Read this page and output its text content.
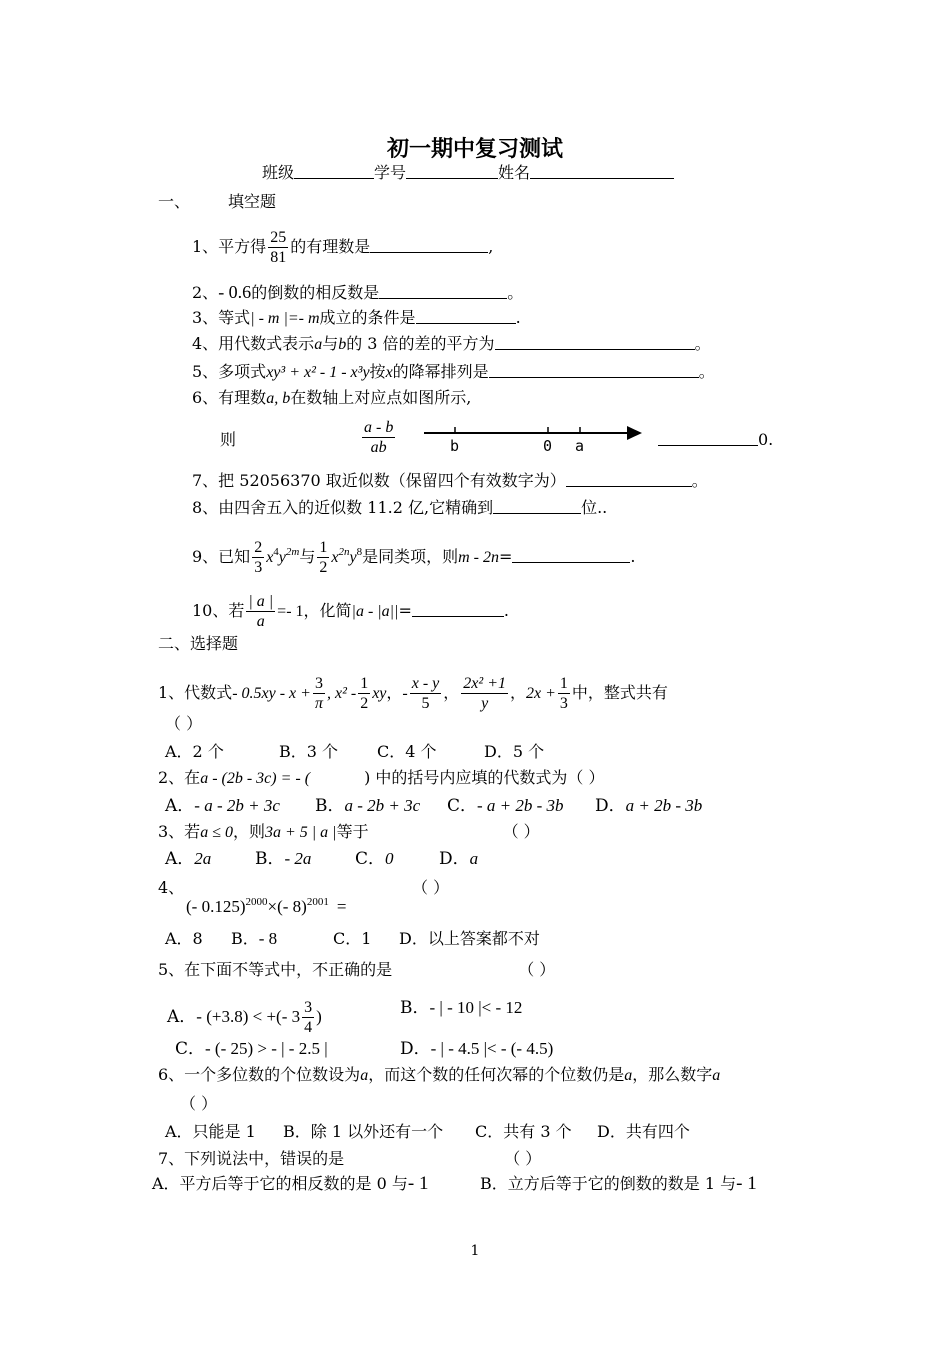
初一期中复习测试
班级	学号	姓名
一、 填空题
1、平方得 $\frac{25}{81}$ 的有理数是	,
2、- 0.6的倒数的相反数是	。
3、等式| - m |=- m成立的条件是	.
4、用代数式表示a与b的 3 倍的差的平方为	。
5、多项式xy³ + x² - 1 - x³y按x的降幂排列是	。
6、有理数a, b在数轴上对应点如图所示,
则	$\frac{a - b}{ab}$	b	0 a	0.
7、把 52056370 取近似数（保留四个有效数字为）	。
8、由四舍五入的近似数 11.2 亿,它精确到	位..
9、已知 $\frac{2}{3} x^4y^{2m}$与 $\frac{1}{2} x^{2n}y^8$是同类项，则m - 2n=	.
10、若 $\frac{| a |}{a} =- 1$，化简|a - |a||=	.
二、选择题
1、代数式- $0.5xy - x + \frac{3}{\pi}$ , $x^2 - \frac{1}{2}$ xy，- $\frac{x - y}{5}$ ， $\frac{\text{2x² +1}}{y}$ ，$2x + \frac{1}{3}$ 中，整式共有
（ ）
A．2 个	B．3 个 C．4 个	D．5 个
2、在a - (2b - 3c) = - (	) 中的括号内应填的代数式为（ ）
A．- a - 2b + 3c B．a - 2b + 3c C．- a + 2b - 3b D．a + 2b - 3b
3、若a ≤ 0，则3a + 5 | a |等于	（ ）
A．2a	B．- 2a	C．0	D．a
4、
(- 0.125)$^{2000}$×(- 8)$^{2001}$ =
（ ）
A．8 B．- 8	C．1 D．以上答案都不对
5、在下面不等式中，不正确的是	（ ）
A．- (+3.8) < +(- $3 \frac{3}{4}$ )	B．- | - 10 |< - 12
C．- (- 25) > - | - 2.5 |	D．- | - 4.5 |< - (- 4.5)
6、一个多位数的个位数设为a，而这个数的任何次幂的个位数仍是a，那么数字a
（ ）
A．只能是 1 B．除 1 以外还有一个 C．共有 3 个 D．共有四个
7、下列说法中，错误的是	（ ）
A．平方后等于它的相反数的是 0 与- 1	B．立方后等于它的倒数的数是 1 与- 1
1
